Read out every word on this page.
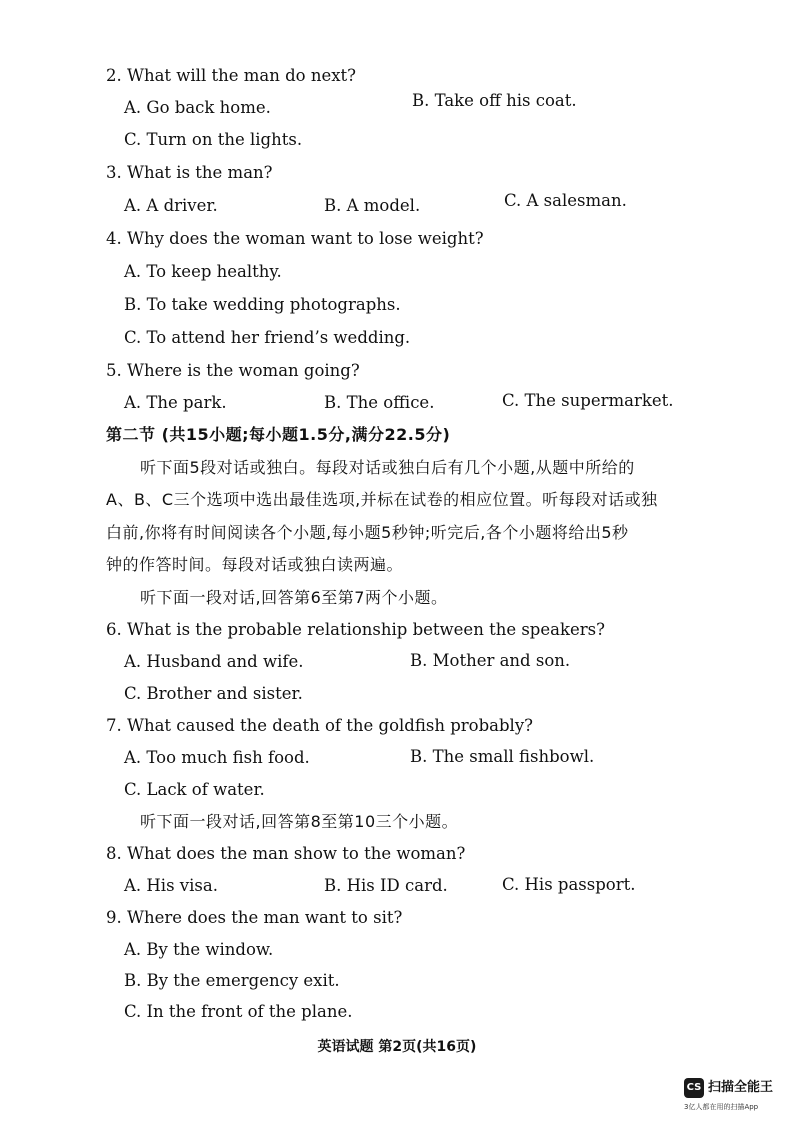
2. What will the man do next?
A. Go back home.	B. Take off his coat.
C. Turn on the lights.
3. What is the man?
A. A driver.	B. A model.	C. A salesman.
4. Why does the woman want to lose weight?
A. To keep healthy.
B. To take wedding photographs.
C. To attend her friend’s wedding.
5. Where is the woman going?
A. The park.	B. The office.	C. The supermarket.
第二节 (共15小题;每小题1.5分,满分22.5分)
听下面5段对话或独白。每段对话或独白后有几个小题,从题中所给的
A、B、C三个选项中选出最佳选项,并标在试卷的相应位置。听每段对话或独
白前,你将有时间阅读各个小题,每小题5秒钟;听完后,各个小题将给出5秒
钟的作答时间。每段对话或独白读两遍。
听下面一段对话,回答第6至第7两个小题。
6. What is the probable relationship between the speakers?
A. Husband and wife.	B. Mother and son.
C. Brother and sister.
7. What caused the death of the goldfish probably?
A. Too much fish food.	B. The small fishbowl.
C. Lack of water.
听下面一段对话,回答第8至第10三个小题。
8. What does the man show to the woman?
A. His visa.	B. His ID card.	C. His passport.
9. Where does the man want to sit?
A. By the window.
B. By the emergency exit.
C. In the front of the plane.
英语试题 第2页(共16页)
CS 扫描全能王
3亿人都在用的扫描App
